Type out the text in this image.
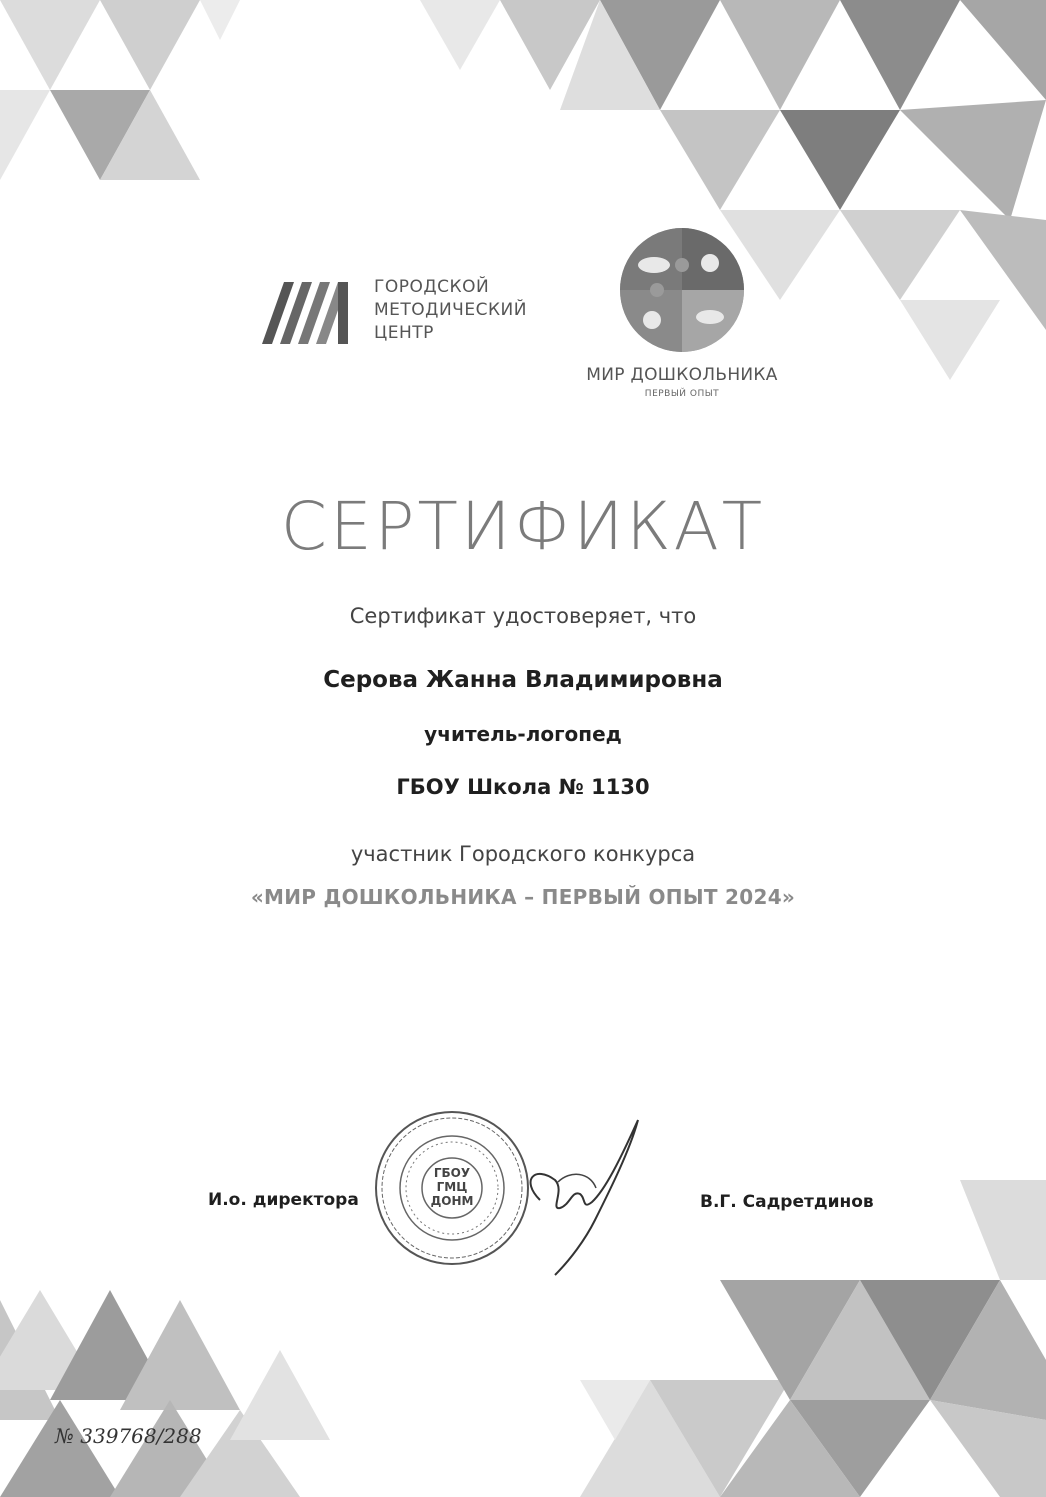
ГОРОДСКОЙ
МЕТОДИЧЕСКИЙ
ЦЕНТР
МИР ДОШКОЛЬНИКА
ПЕРВЫЙ ОПЫТ
СЕРТИФИКАТ
Сертификат удостоверяет, что
Серова Жанна Владимировна
учитель-логопед
ГБОУ Школа № 1130
участник Городского конкурса
«МИР ДОШКОЛЬНИКА – ПЕРВЫЙ ОПЫТ 2024»
ГБОУ
ГМЦ
ДОНМ
И.о. директора	В.Г. Садретдинов
№ 339768/288
